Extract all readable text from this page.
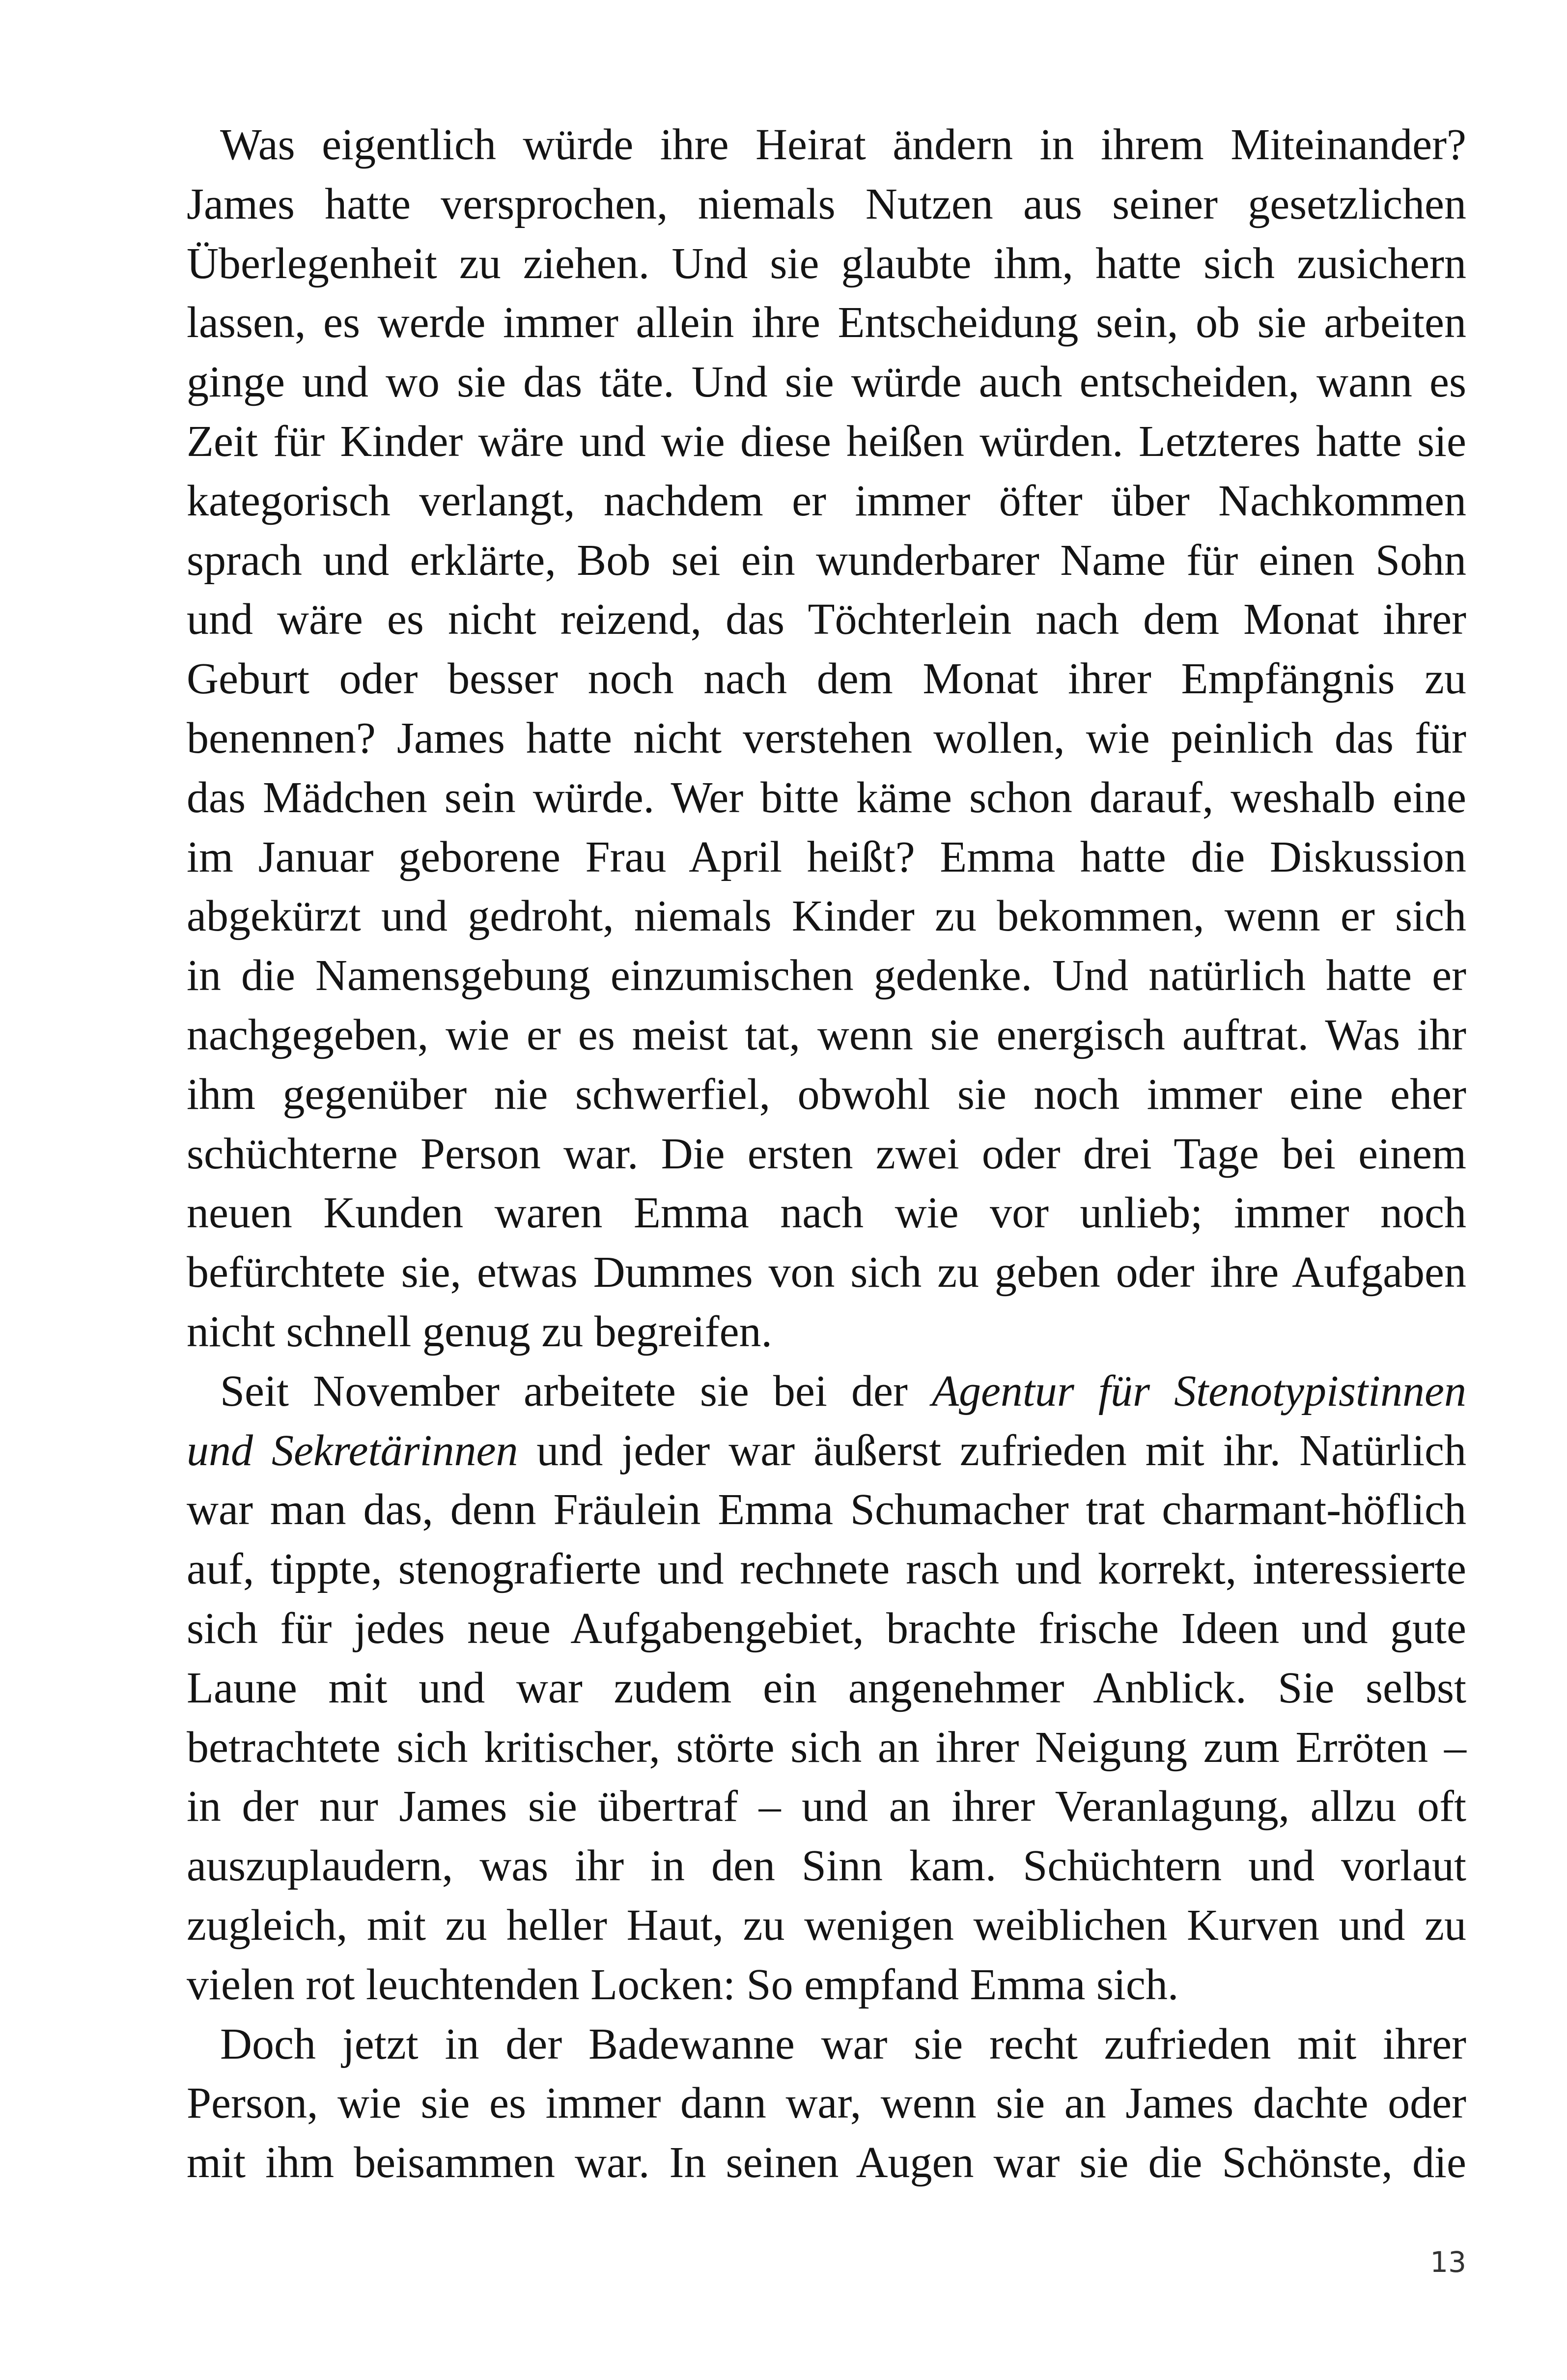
Was eigentlich würde ihre Heirat ändern in ihrem Miteinander?
James hatte versprochen, niemals Nutzen aus seiner gesetzlichen
Überlegenheit zu ziehen. Und sie glaubte ihm, hatte sich zusichern
lassen, es werde immer allein ihre Entscheidung sein, ob sie arbeiten
ginge und wo sie das täte. Und sie würde auch entscheiden, wann es
Zeit für Kinder wäre und wie diese heißen würden. Letzteres hatte sie
kategorisch verlangt, nachdem er immer öfter über Nachkommen
sprach und erklärte, Bob sei ein wunderbarer Name für einen Sohn
und wäre es nicht reizend, das Töchterlein nach dem Monat ihrer
Geburt oder besser noch nach dem Monat ihrer Empfängnis zu
benennen? James hatte nicht verstehen wollen, wie peinlich das für
das Mädchen sein würde. Wer bitte käme schon darauf, weshalb eine
im Januar geborene Frau April heißt? Emma hatte die Diskussion
abgekürzt und gedroht, niemals Kinder zu bekommen, wenn er sich
in die Namensgebung einzumischen gedenke. Und natürlich hatte er
nachgegeben, wie er es meist tat, wenn sie energisch auftrat. Was ihr
ihm gegenüber nie schwerfiel, obwohl sie noch immer eine eher
schüchterne Person war. Die ersten zwei oder drei Tage bei einem
neuen Kunden waren Emma nach wie vor unlieb; immer noch
befürchtete sie, etwas Dummes von sich zu geben oder ihre Aufgaben
nicht schnell genug zu begreifen.
Seit November arbeitete sie bei der Agentur für Stenotypistinnen
und Sekretärinnen und jeder war äußerst zufrieden mit ihr. Natürlich
war man das, denn Fräulein Emma Schumacher trat charmant-höflich
auf, tippte, stenografierte und rechnete rasch und korrekt, interessierte
sich für jedes neue Aufgabengebiet, brachte frische Ideen und gute
Laune mit und war zudem ein angenehmer Anblick. Sie selbst
betrachtete sich kritischer, störte sich an ihrer Neigung zum Erröten –
in der nur James sie übertraf – und an ihrer Veranlagung, allzu oft
auszuplaudern, was ihr in den Sinn kam. Schüchtern und vorlaut
zugleich, mit zu heller Haut, zu wenigen weiblichen Kurven und zu
vielen rot leuchtenden Locken: So empfand Emma sich.
Doch jetzt in der Badewanne war sie recht zufrieden mit ihrer
Person, wie sie es immer dann war, wenn sie an James dachte oder
mit ihm beisammen war. In seinen Augen war sie die Schönste, die
13
